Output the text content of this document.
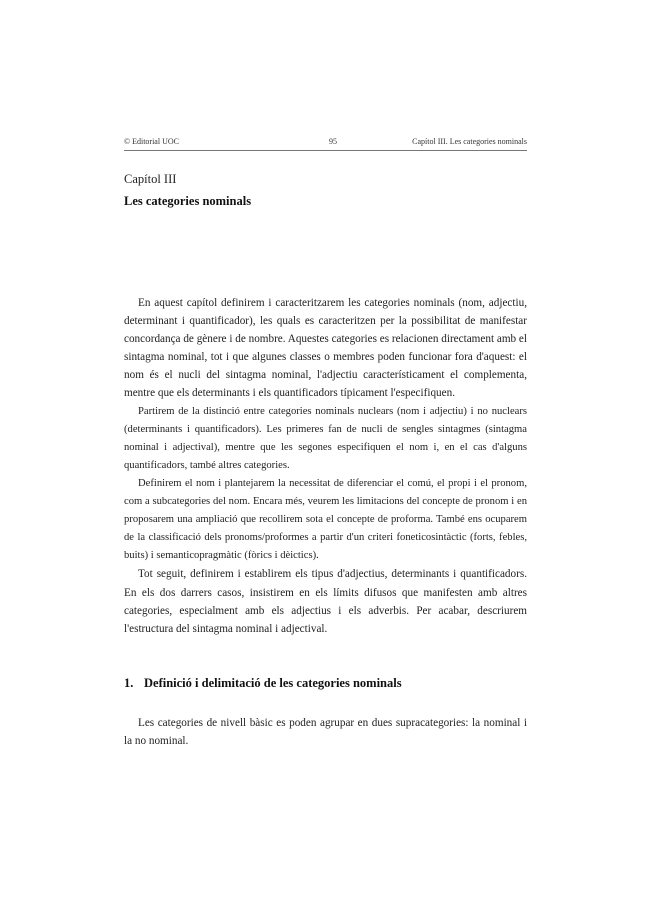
© Editorial UOC	95	Capítol III. Les categories nominals
Capítol III
Les categories nominals

En aquest capítol definirem i caracteritzarem les categories nominals (nom, adjectiu, determinant i quantificador), les quals es caracteritzen per la possibilitat de manifestar concordança de gènere i de nombre. Aquestes categories es relacionen directament amb el sintagma nominal, tot i que algunes classes o membres poden funcionar fora d'aquest: el nom és el nucli del sintagma nominal, l'adjectiu característicament el complementa, mentre que els determinants i els quantificadors típicament l'especifiquen.

Partirem de la distinció entre categories nominals nuclears (nom i adjectiu) i no nuclears (determinants i quantificadors). Les primeres fan de nucli de sengles sintagmes (sintagma nominal i adjectival), mentre que les segones especifiquen el nom i, en el cas d'alguns quantificadors, també altres categories.

Definirem el nom i plantejarem la necessitat de diferenciar el comú, el propi i el pronom, com a subcategories del nom. Encara més, veurem les limitacions del concepte de pronom i en proposarem una ampliació que recollirem sota el concepte de proforma. També ens ocuparem de la classificació dels pronoms/proformes a partir d'un criteri foneticosintàctic (forts, febles, buits) i semanticopragmàtic (fòrics i dèictics).

Tot seguit, definirem i establirem els tipus d'adjectius, determinants i quantificadors. En els dos darrers casos, insistirem en els límits difusos que manifesten amb altres categories, especialment amb els adjectius i els adverbis. Per acabar, descriurem l'estructura del sintagma nominal i adjectival.

1. Definició i delimitació de les categories nominals

Les categories de nivell bàsic es poden agrupar en dues supracategories: la nominal i la no nominal.
